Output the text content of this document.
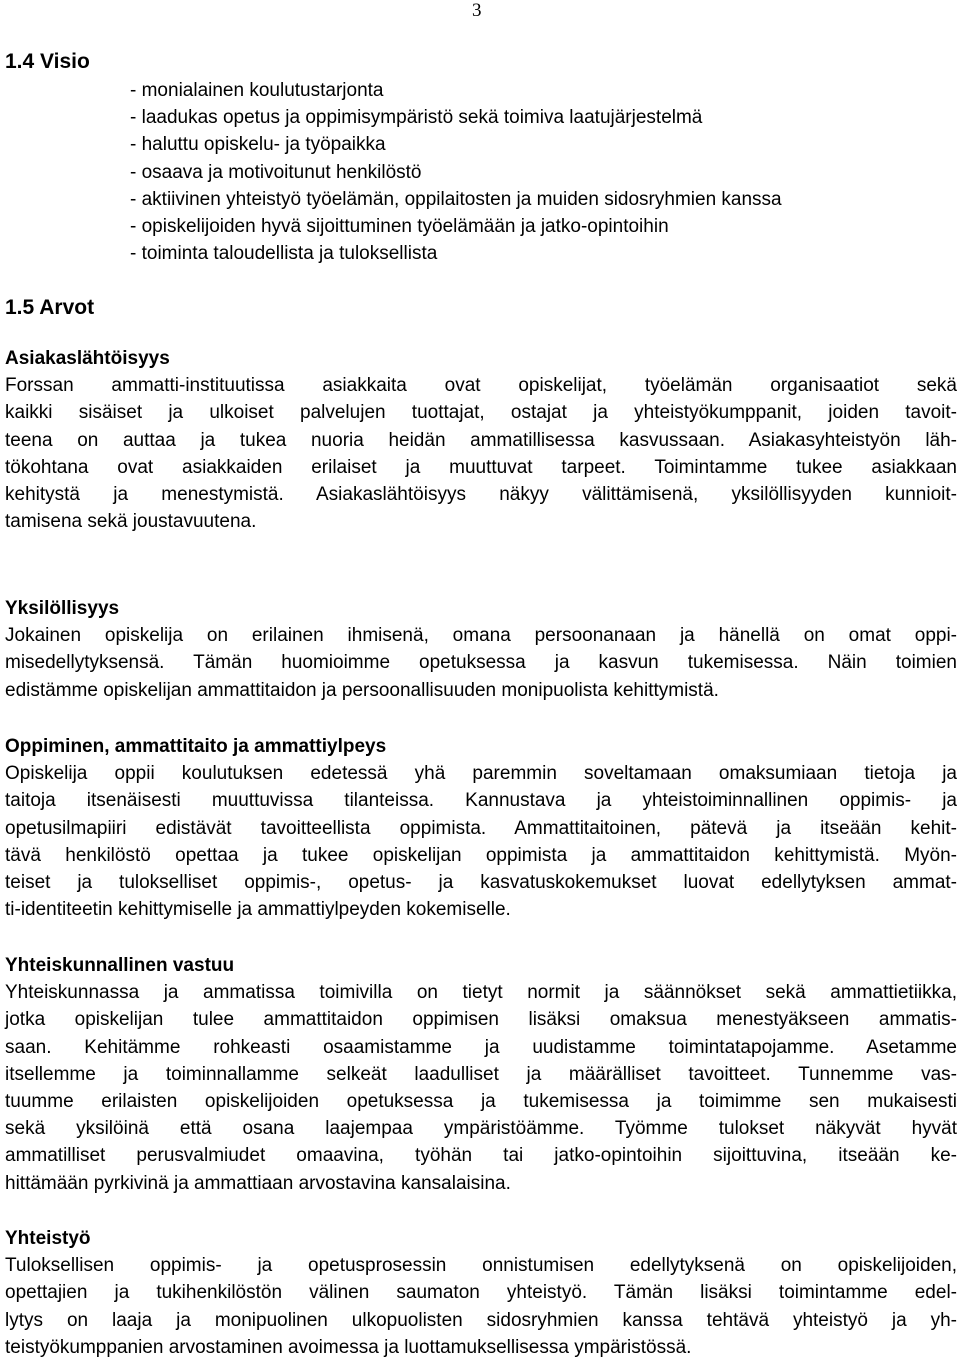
3
1.4 Visio
- monialainen koulutustarjonta
- laadukas opetus ja oppimisympäristö sekä toimiva laatujärjestelmä
- haluttu opiskelu- ja työpaikka
- osaava ja motivoitunut henkilöstö
- aktiivinen yhteistyö työelämän, oppilaitosten ja muiden sidosryhmien kanssa
- opiskelijoiden hyvä sijoittuminen työelämään ja jatko-opintoihin
- toiminta taloudellista ja tuloksellista
1.5 Arvot
Asiakaslähtöisyys

Forssan ammatti-instituutissa asiakkaita ovat opiskelijat, työelämän organisaatiot sekä
kaikki sisäiset ja ulkoiset palvelujen tuottajat, ostajat ja yhteistyökumppanit, joiden tavoit-
teena on auttaa ja tukea nuoria heidän ammatillisessa kasvussaan. Asiakasyhteistyön läh-
tökohtana ovat asiakkaiden erilaiset ja muuttuvat tarpeet. Toimintamme tukee asiakkaan
kehitystä ja menestymistä. Asiakaslähtöisyys näkyy välittämisenä, yksilöllisyyden kunnioit-
tamisena sekä joustavuutena.

Yksilöllisyys

Jokainen opiskelija on erilainen ihmisenä, omana persoonanaan ja hänellä on omat oppi-
misedellytyksensä. Tämän huomioimme opetuksessa ja kasvun tukemisessa. Näin toimien
edistämme opiskelijan ammattitaidon ja persoonallisuuden monipuolista kehittymistä.

Oppiminen, ammattitaito ja ammattiylpeys

Opiskelija oppii koulutuksen edetessä yhä paremmin soveltamaan omaksumiaan tietoja ja
taitoja itsenäisesti muuttuvissa tilanteissa. Kannustava ja yhteistoiminnallinen oppimis- ja
opetusilmapiiri edistävät tavoitteellista oppimista. Ammattitaitoinen, pätevä ja itseään kehit-
tävä henkilöstö opettaa ja tukee opiskelijan oppimista ja ammattitaidon kehittymistä. Myön-
teiset ja tulokselliset oppimis-, opetus- ja kasvatuskokemukset luovat edellytyksen ammat-
ti-identiteetin kehittymiselle ja ammattiylpeyden kokemiselle.

Yhteiskunnallinen vastuu

Yhteiskunnassa ja ammatissa toimivilla on tietyt normit ja säännökset sekä ammattietiikka,
jotka opiskelijan tulee ammattitaidon oppimisen lisäksi omaksua menestyäkseen ammatis-
saan. Kehitämme rohkeasti osaamistamme ja uudistamme toimintatapojamme. Asetamme
itsellemme ja toiminnallamme selkeät laadulliset ja määrälliset tavoitteet. Tunnemme vas-
tuumme erilaisten opiskelijoiden opetuksessa ja tukemisessa ja toimimme sen mukaisesti
sekä yksilöinä että osana laajempaa ympäristöämme. Työmme tulokset näkyvät hyvät
ammatilliset perusvalmiudet omaavina, työhän tai jatko-opintoihin sijoittuvina, itseään ke-
hittämään pyrkivinä ja ammattiaan arvostavina kansalaisina.

Yhteistyö

Tuloksellisen oppimis- ja opetusprosessin onnistumisen edellytyksenä on opiskelijoiden,
opettajien ja tukihenkilöstön välinen saumaton yhteistyö. Tämän lisäksi toimintamme edel-
lytys on laaja ja monipuolinen ulkopuolisten sidosryhmien kanssa tehtävä yhteistyö ja yh-
teistyökumppanien arvostaminen avoimessa ja luottamuksellisessa ympäristössä.
